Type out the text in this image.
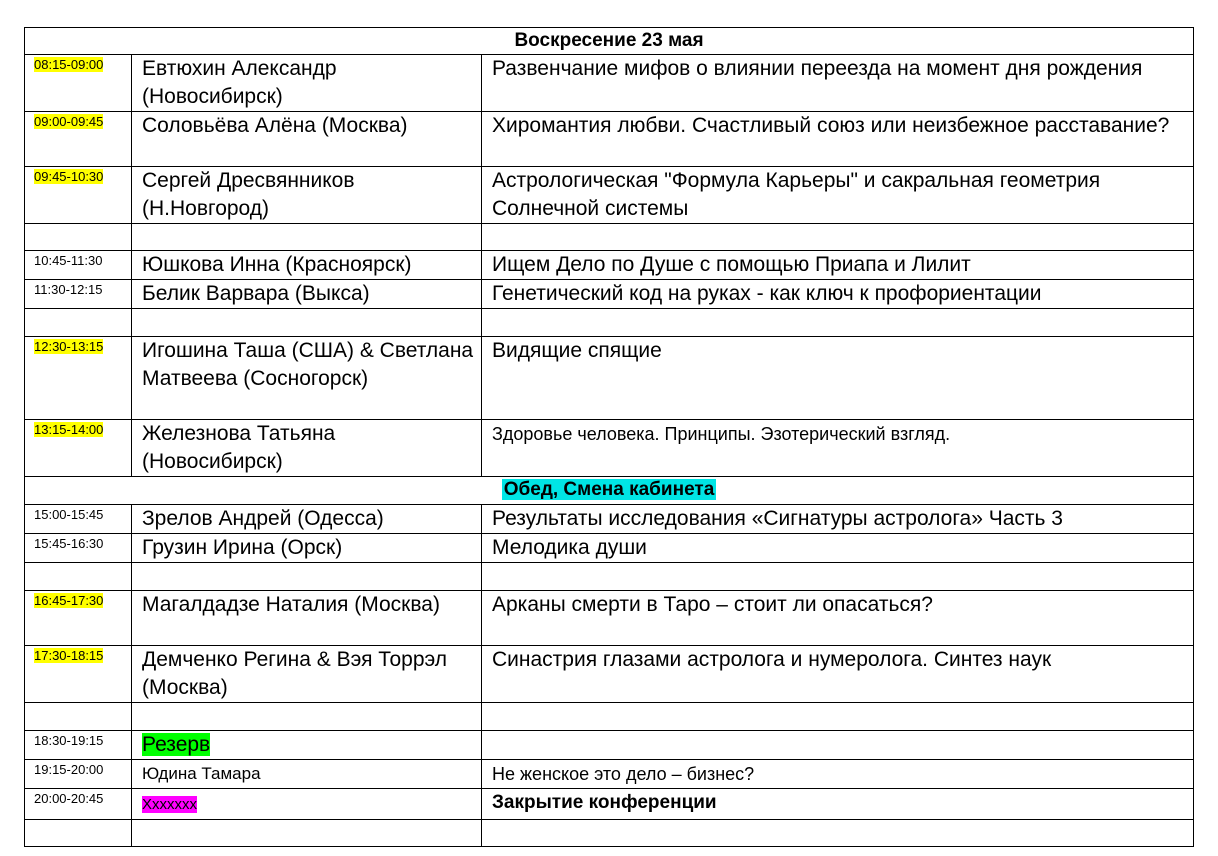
Воскресение 23 мая		
08:15-09:00	Евтюхин Александр (Новосибирск)	Развенчание мифов о влиянии переезда на момент дня рождения
09:00-09:45	Соловьёва Алёна (Москва)	Хиромантия любви. Счастливый союз или неизбежное расставание?
09:45-10:30	Сергей Дресвянников (Н.Новгород)	Астрологическая "Формула Карьеры" и сакральная геометрия Солнечной системы

10:45-11:30	Юшкова Инна (Красноярск)	Ищем Дело по Душе с помощью Приапа и Лилит
11:30-12:15	Белик Варвара (Выкса)	Генетический код на руках - как ключ к профориентации

12:30-13:15	Игошина Таша (США) & Светлана Матвеева (Сосногорск)	Видящие спящие
13:15-14:00	Железнова Татьяна (Новосибирск)	Здоровье человека. Принципы. Эзотерический взгляд.
Обед, Смена кабинета		
15:00-15:45	Зрелов Андрей (Одесса)	Результаты исследования «Сигнатуры астролога» Часть 3
15:45-16:30	Грузин Ирина (Орск)	Мелодика души

16:45-17:30	Магалдадзе Наталия (Москва)	Арканы смерти в Таро – стоит ли опасаться?
17:30-18:15	Демченко Регина & Вэя Торрэл (Москва)	Синастрия глазами астролога и нумеролога. Синтез наук

18:30-19:15	Резерв	
19:15-20:00	Юдина Тамара	Не женское это дело – бизнес?
20:00-20:45	Xxxxxxx	Закрытие конференции
